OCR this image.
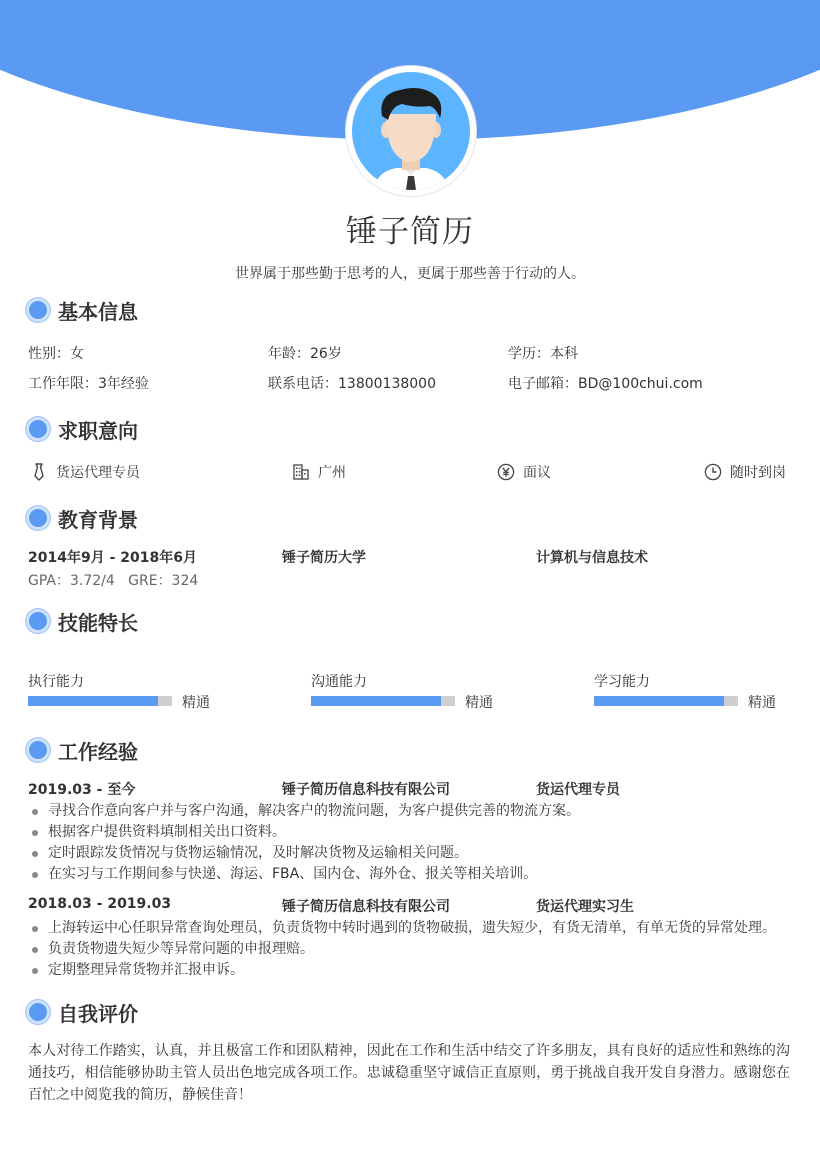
锤子简历
世界属于那些勤于思考的人，更属于那些善于行动的人。
基本信息
性别：女	年龄：26岁	学历：本科
工作年限：3年经验	联系电话：13800138000	电子邮箱：BD@100chui.com
求职意向
货运代理专员	广州	面议	随时到岗
教育背景
2014年9月 - 2018年6月	锤子简历大学	计算机与信息技术
GPA：3.72/4   GRE：324
技能特长
执行能力
精通
沟通能力
精通
学习能力
精通
工作经验
2019.03 - 至今	锤子简历信息科技有限公司	货运代理专员
寻找合作意向客户并与客户沟通，解决客户的物流问题，为客户提供完善的物流方案。
根据客户提供资料填制相关出口资料。
定时跟踪发货情况与货物运输情况，及时解决货物及运输相关问题。
在实习与工作期间参与快递、海运、FBA、国内仓、海外仓、报关等相关培训。
2018.03 - 2019.03	锤子简历信息科技有限公司	货运代理实习生
上海转运中心任职异常查询处理员，负责货物中转时遇到的货物破损，遗失短少，有货无清单，有单无货的异常处理。
负责货物遗失短少等异常问题的申报理赔。
定期整理异常货物并汇报申诉。
自我评价
本人对待工作踏实，认真，并且极富工作和团队精神，因此在工作和生活中结交了许多朋友，具有良好的适应性和熟练的沟通技巧，相信能够协助主管人员出色地完成各项工作。忠诚稳重坚守诚信正直原则，勇于挑战自我开发自身潜力。感谢您在百忙之中阅览我的简历，静候佳音！
